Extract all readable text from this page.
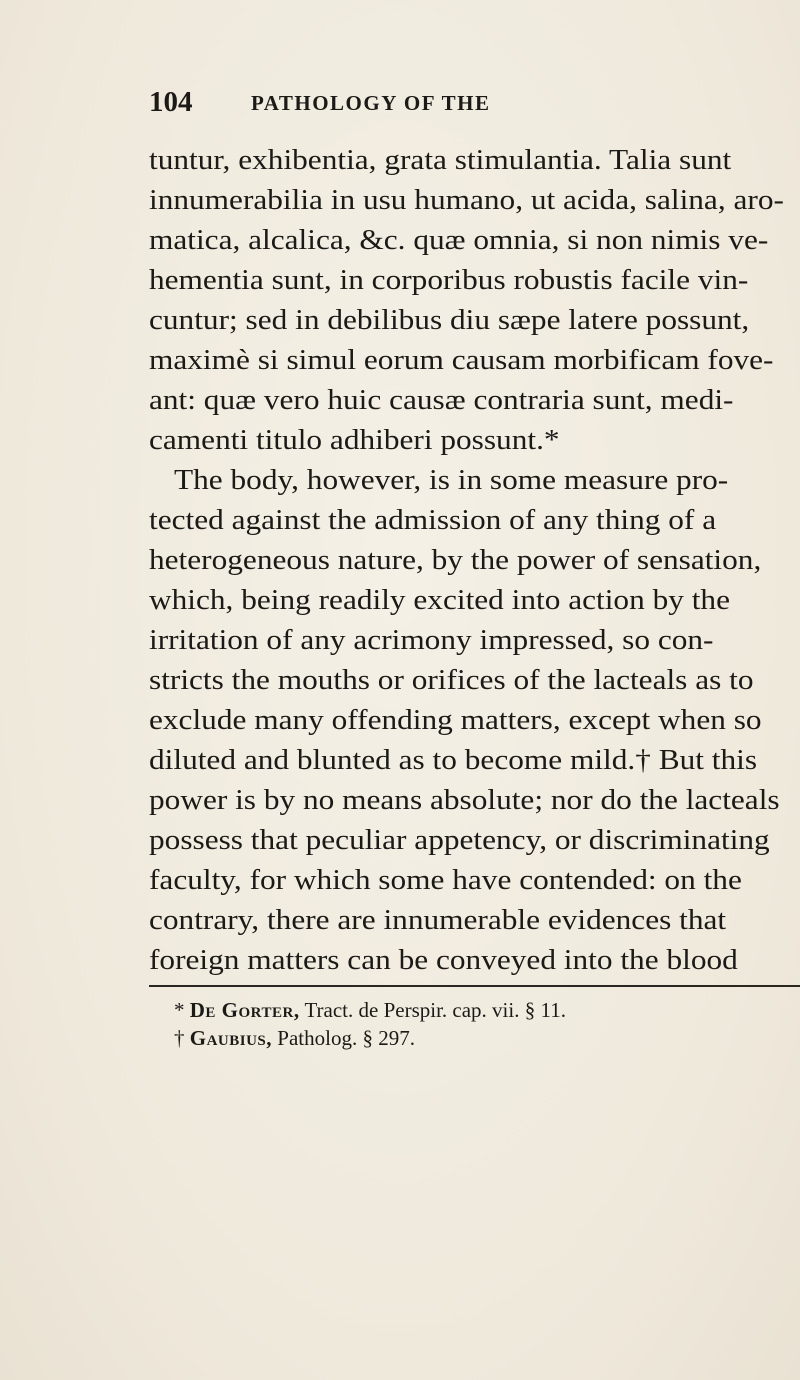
104	PATHOLOGY OF THE
tuntur, exhibentia, grata stimulantia. Talia sunt
innumerabilia in usu humano, ut acida, salina, aro-
matica, alcalica, &c. quæ omnia, si non nimis ve-
hementia sunt, in corporibus robustis facile vin-
cuntur; sed in debilibus diu sæpe latere possunt,
maximè si simul eorum causam morbificam fove-
ant: quæ vero huic causæ contraria sunt, medi-
camenti titulo adhiberi possunt.*
The body, however, is in some measure pro-
tected against the admission of any thing of a
heterogeneous nature, by the power of sensation,
which, being readily excited into action by the
irritation of any acrimony impressed, so con-
stricts the mouths or orifices of the lacteals as to
exclude many offending matters, except when so
diluted and blunted as to become mild.† But this
power is by no means absolute; nor do the lacteals
possess that peculiar appetency, or discriminating
faculty, for which some have contended: on the
contrary, there are innumerable evidences that
foreign matters can be conveyed into the blood
* De Gorter, Tract. de Perspir. cap. vii. § 11.
† Gaubius, Patholog. § 297.
